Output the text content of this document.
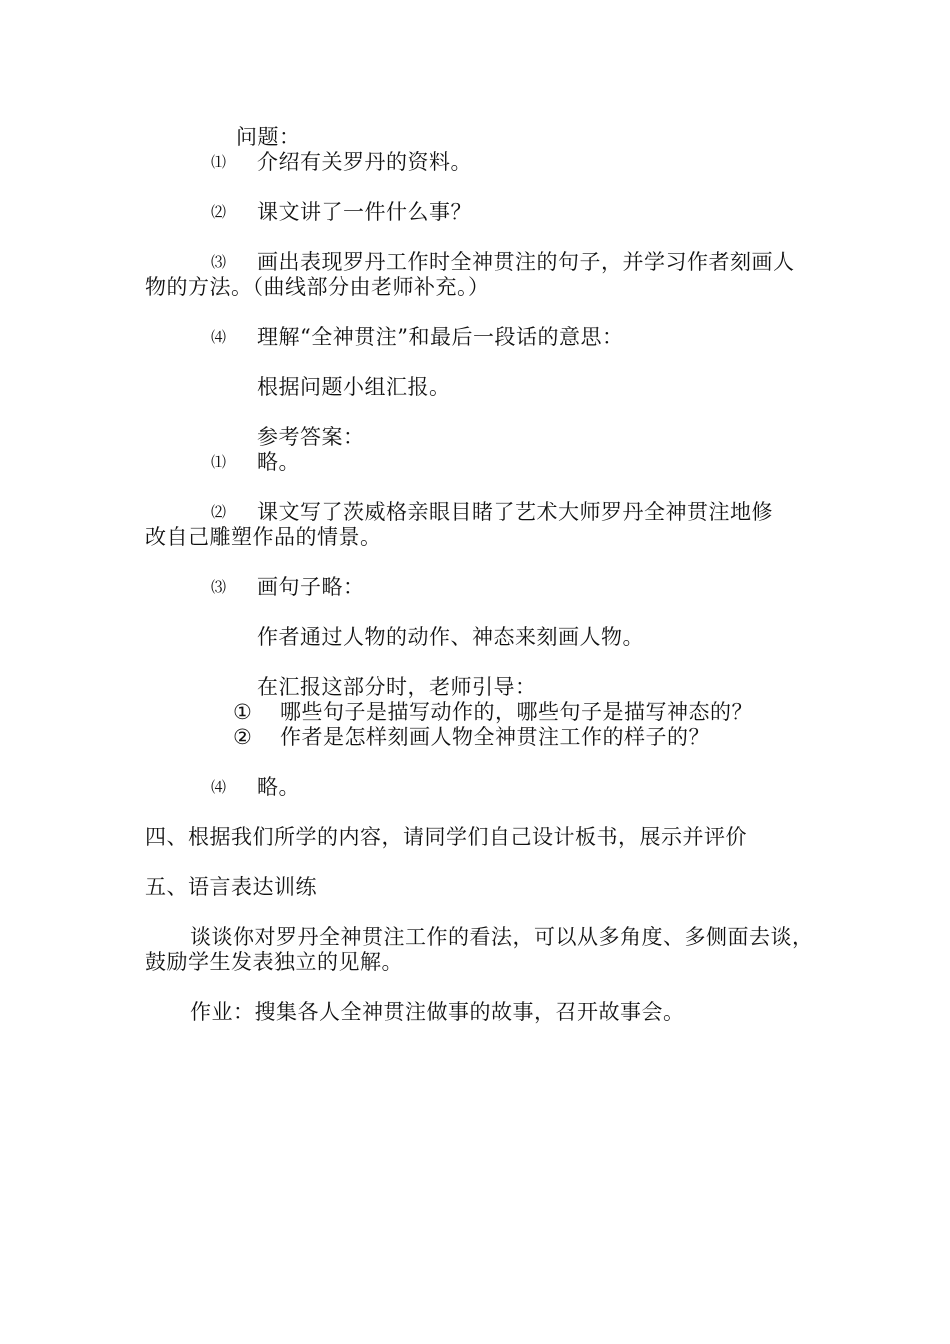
问题：
⑴ 介绍有关罗丹的资料。
⑵ 课文讲了一件什么事？
⑶ 画出表现罗丹工作时全神贯注的句子，并学习作者刻画人
物的方法。（曲线部分由老师补充。）
⑷ 理解“全神贯注”和最后一段话的意思：
根据问题小组汇报。
参考答案：
⑴ 略。
⑵ 课文写了茨威格亲眼目睹了艺术大师罗丹全神贯注地修
改自己雕塑作品的情景。
⑶ 画句子略：
作者通过人物的动作、神态来刻画人物。
在汇报这部分时，老师引导：
① 哪些句子是描写动作的，哪些句子是描写神态的？
② 作者是怎样刻画人物全神贯注工作的样子的？
⑷ 略。
四、根据我们所学的内容，请同学们自己设计板书，展示并评价
五、语言表达训练
谈谈你对罗丹全神贯注工作的看法，可以从多角度、多侧面去谈，
鼓励学生发表独立的见解。
作业：搜集各人全神贯注做事的故事，召开故事会。
